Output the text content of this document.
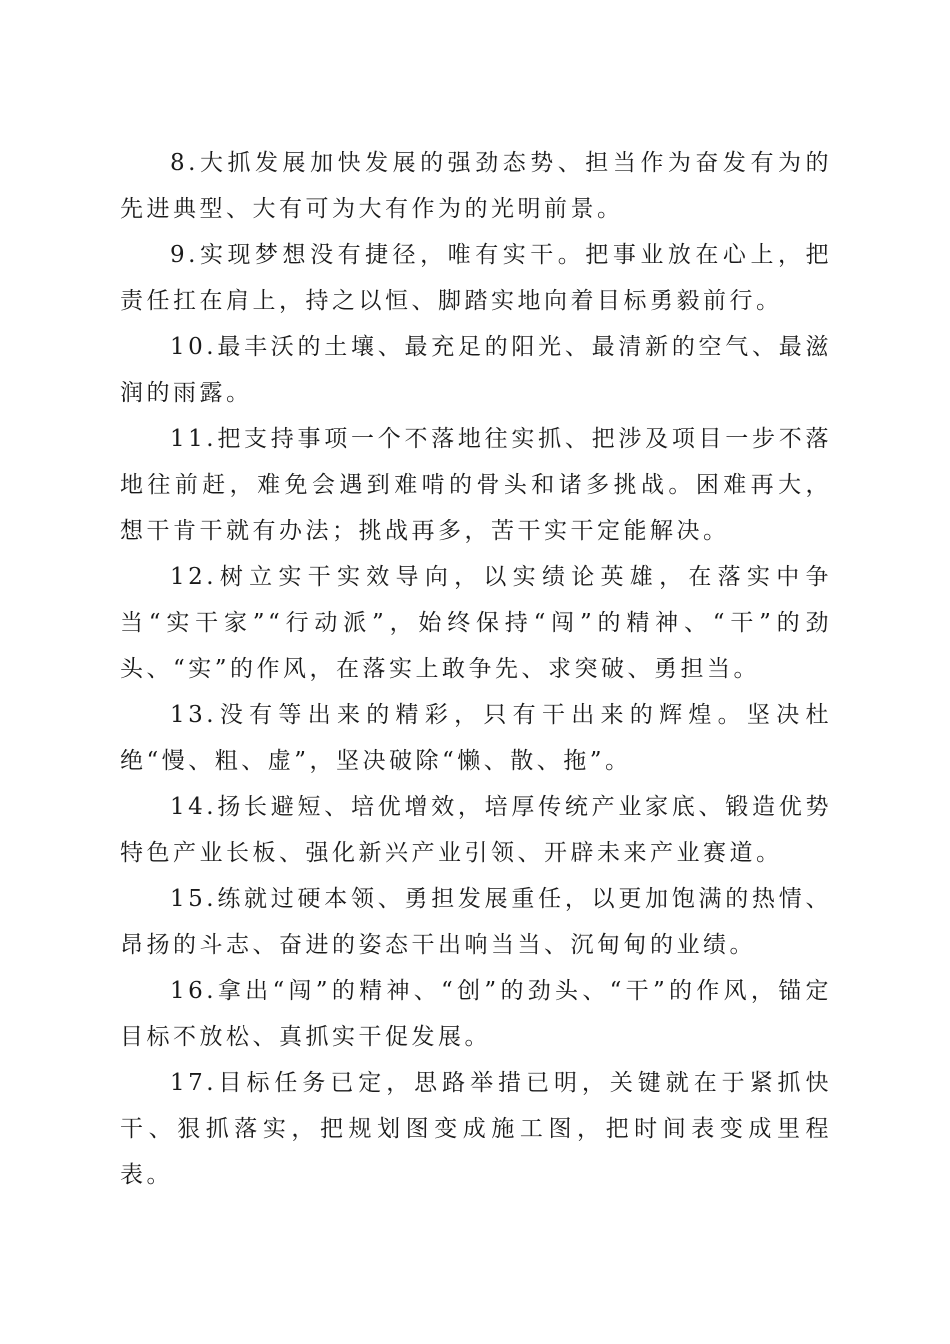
8.大抓发展加快发展的强劲态势、担当作为奋发有为的先进典型、大有可为大有作为的光明前景。

9.实现梦想没有捷径，唯有实干。把事业放在心上，把责任扛在肩上，持之以恒、脚踏实地向着目标勇毅前行。

10.最丰沃的土壤、最充足的阳光、最清新的空气、最滋润的雨露。

11.把支持事项一个不落地往实抓、把涉及项目一步不落地往前赶，难免会遇到难啃的骨头和诸多挑战。困难再大，想干肯干就有办法；挑战再多，苦干实干定能解决。

12.树立实干实效导向，以实绩论英雄，在落实中争当“实干家”“行动派”，始终保持“闯”的精神、“干”的劲头、“实”的作风，在落实上敢争先、求突破、勇担当。

13.没有等出来的精彩，只有干出来的辉煌。坚决杜绝“慢、粗、虚”，坚决破除“懒、散、拖”。

14.扬长避短、培优增效，培厚传统产业家底、锻造优势特色产业长板、强化新兴产业引领、开辟未来产业赛道。

15.练就过硬本领、勇担发展重任，以更加饱满的热情、昂扬的斗志、奋进的姿态干出响当当、沉甸甸的业绩。

16.拿出“闯”的精神、“创”的劲头、“干”的作风，锚定目标不放松、真抓实干促发展。

17.目标任务已定，思路举措已明，关键就在于紧抓快干、狠抓落实，把规划图变成施工图，把时间表变成里程表。
